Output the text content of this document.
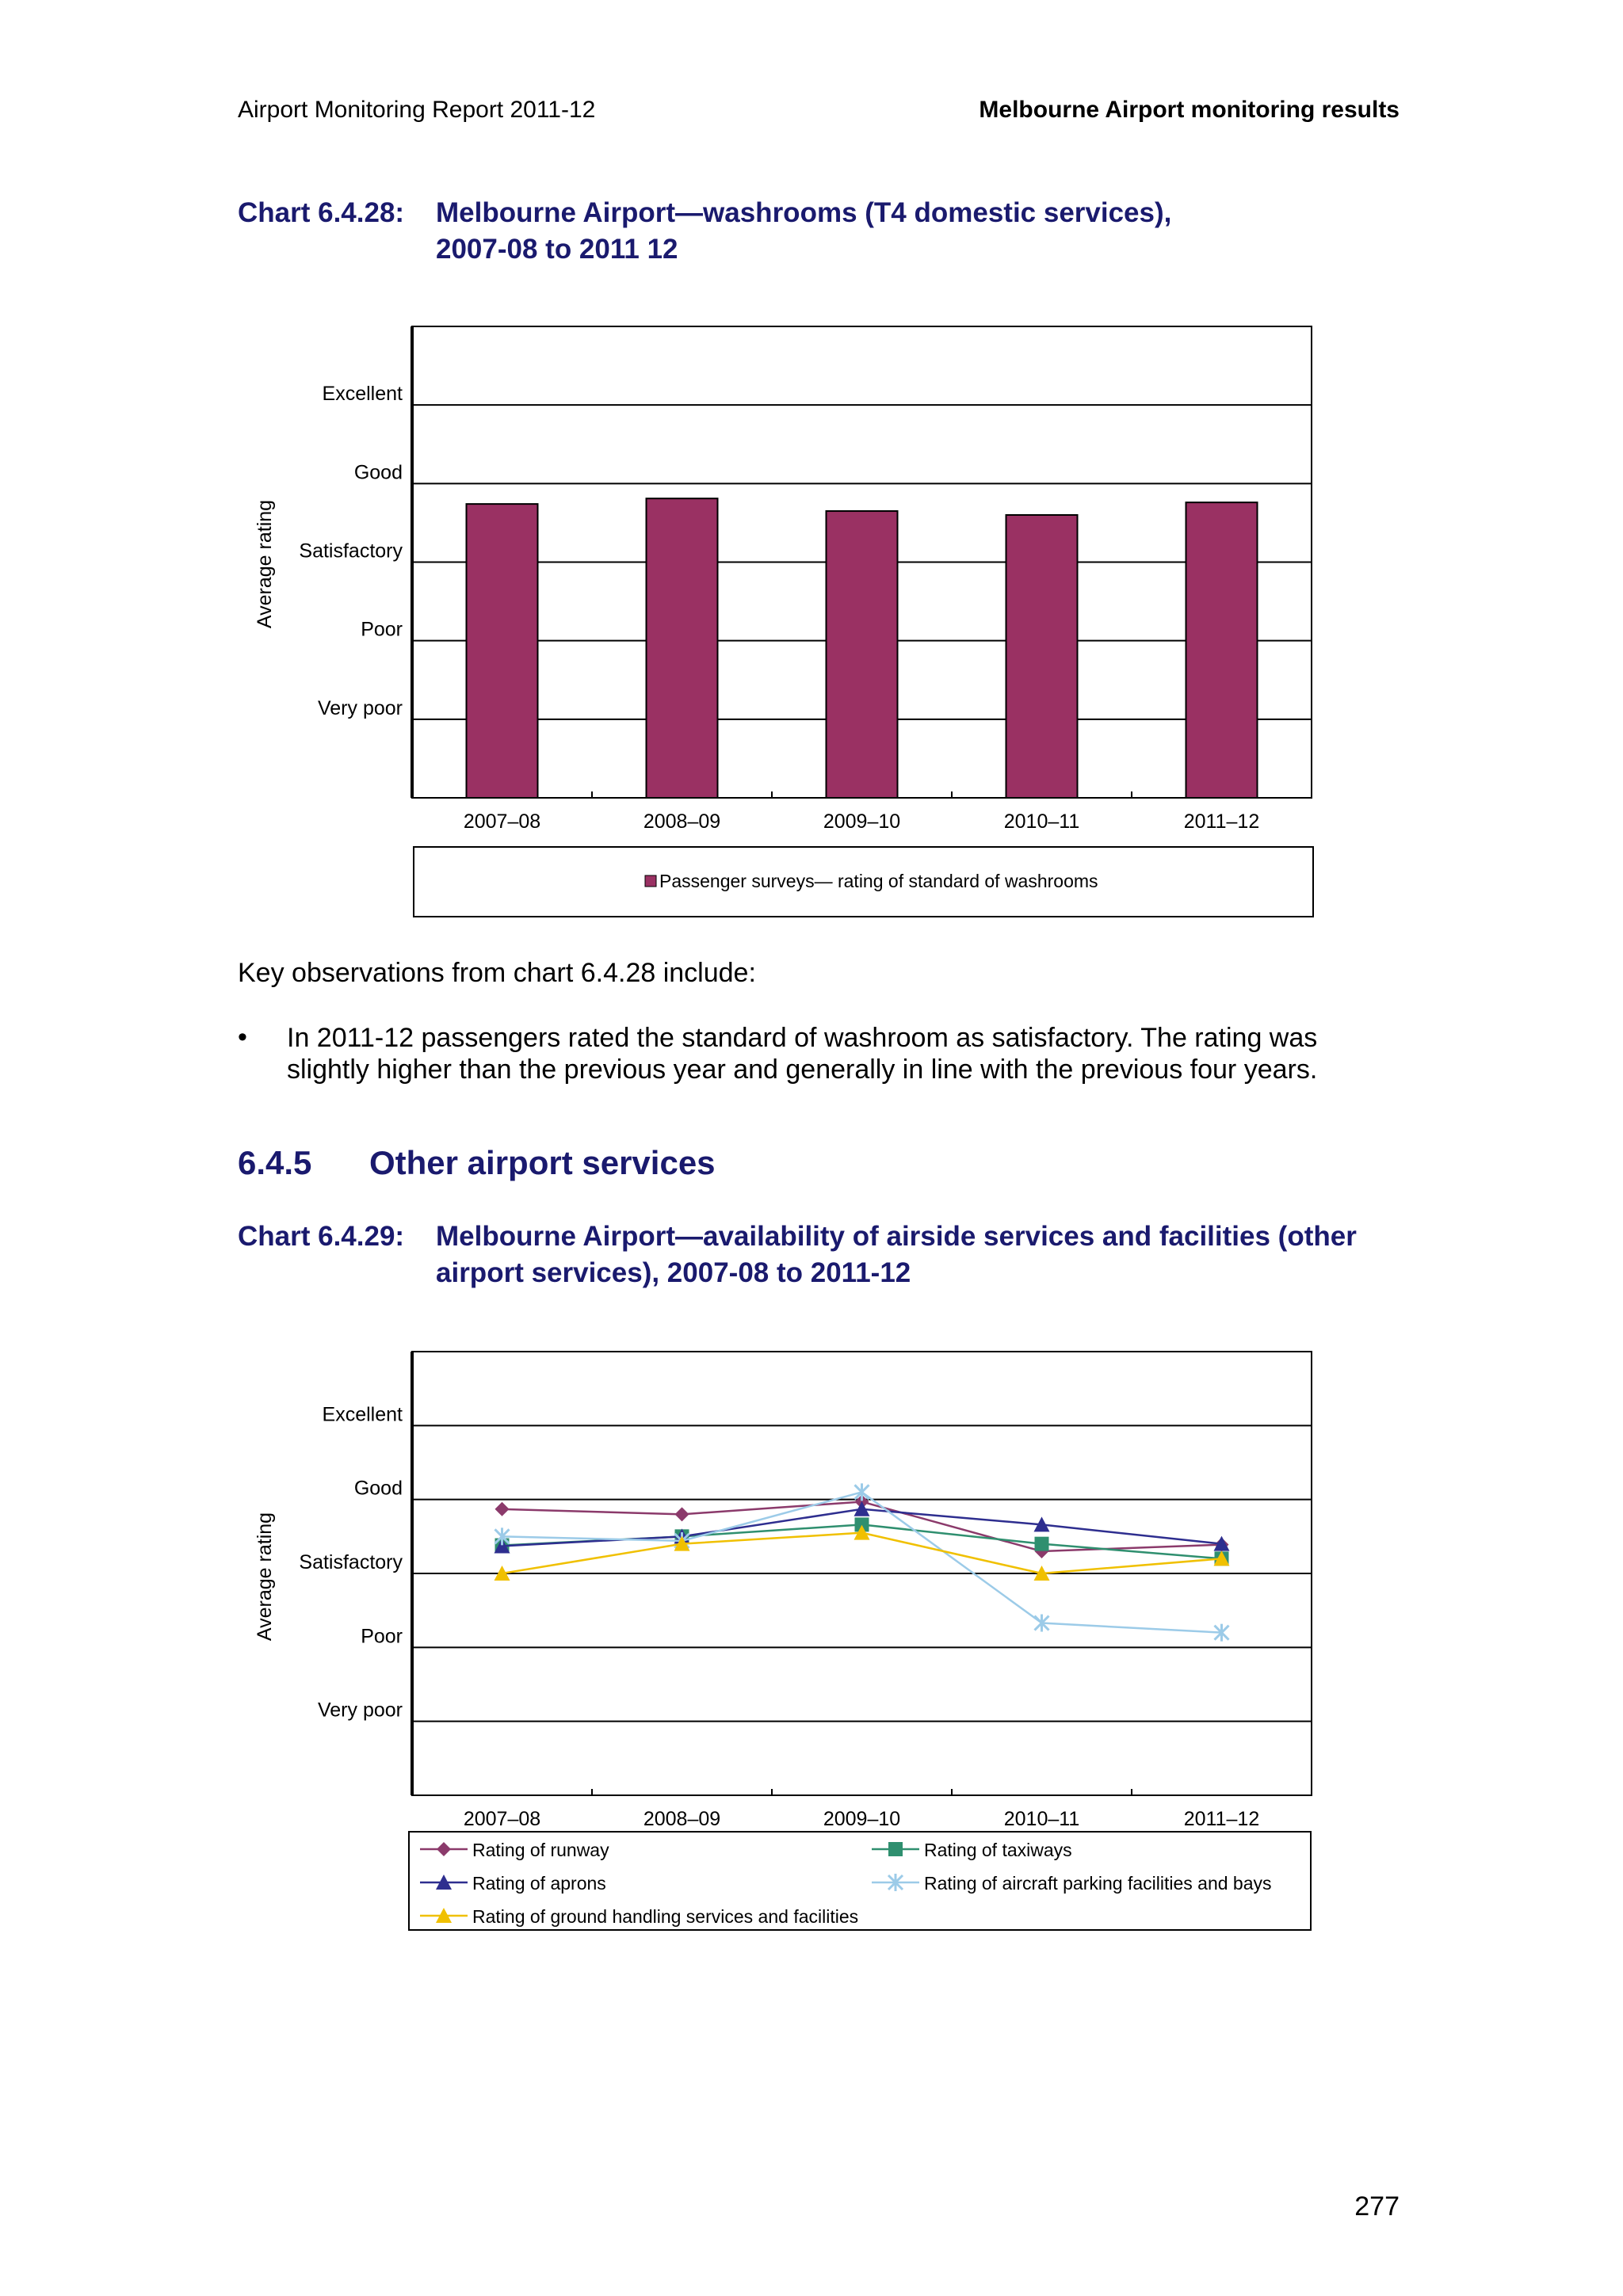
Airport Monitoring Report 2011-12	Melbourne Airport monitoring results
Chart 6.4.28: Melbourne Airport—washrooms (T4 domestic services),
2007-08 to 2011 12
Very poor
Poor
Satisfactory
Good
Excellent
Average rating
2007–08	2008–09	2009–10	2010–11	2011–12
Passenger surveys— rating of standard of washrooms
Key observations from chart 6.4.28 include:
• In 2011-12 passengers rated the standard of washroom as satisfactory. The rating was
slightly higher than the previous year and generally in line with the previous four years.
6.4.5 Other airport services
Chart 6.4.29: Melbourne Airport—availability of airside services and facilities (other
airport services), 2007-08 to 2011-12
Very poor
Poor
Satisfactory
Good
Excellent
Average rating
2007–08	2008–09	2009–10	2010–11	2011–12
Rating of runway	Rating of taxiways
Rating of aprons	Rating of aircraft parking facilities and bays
Rating of ground handling services and facilities
277
